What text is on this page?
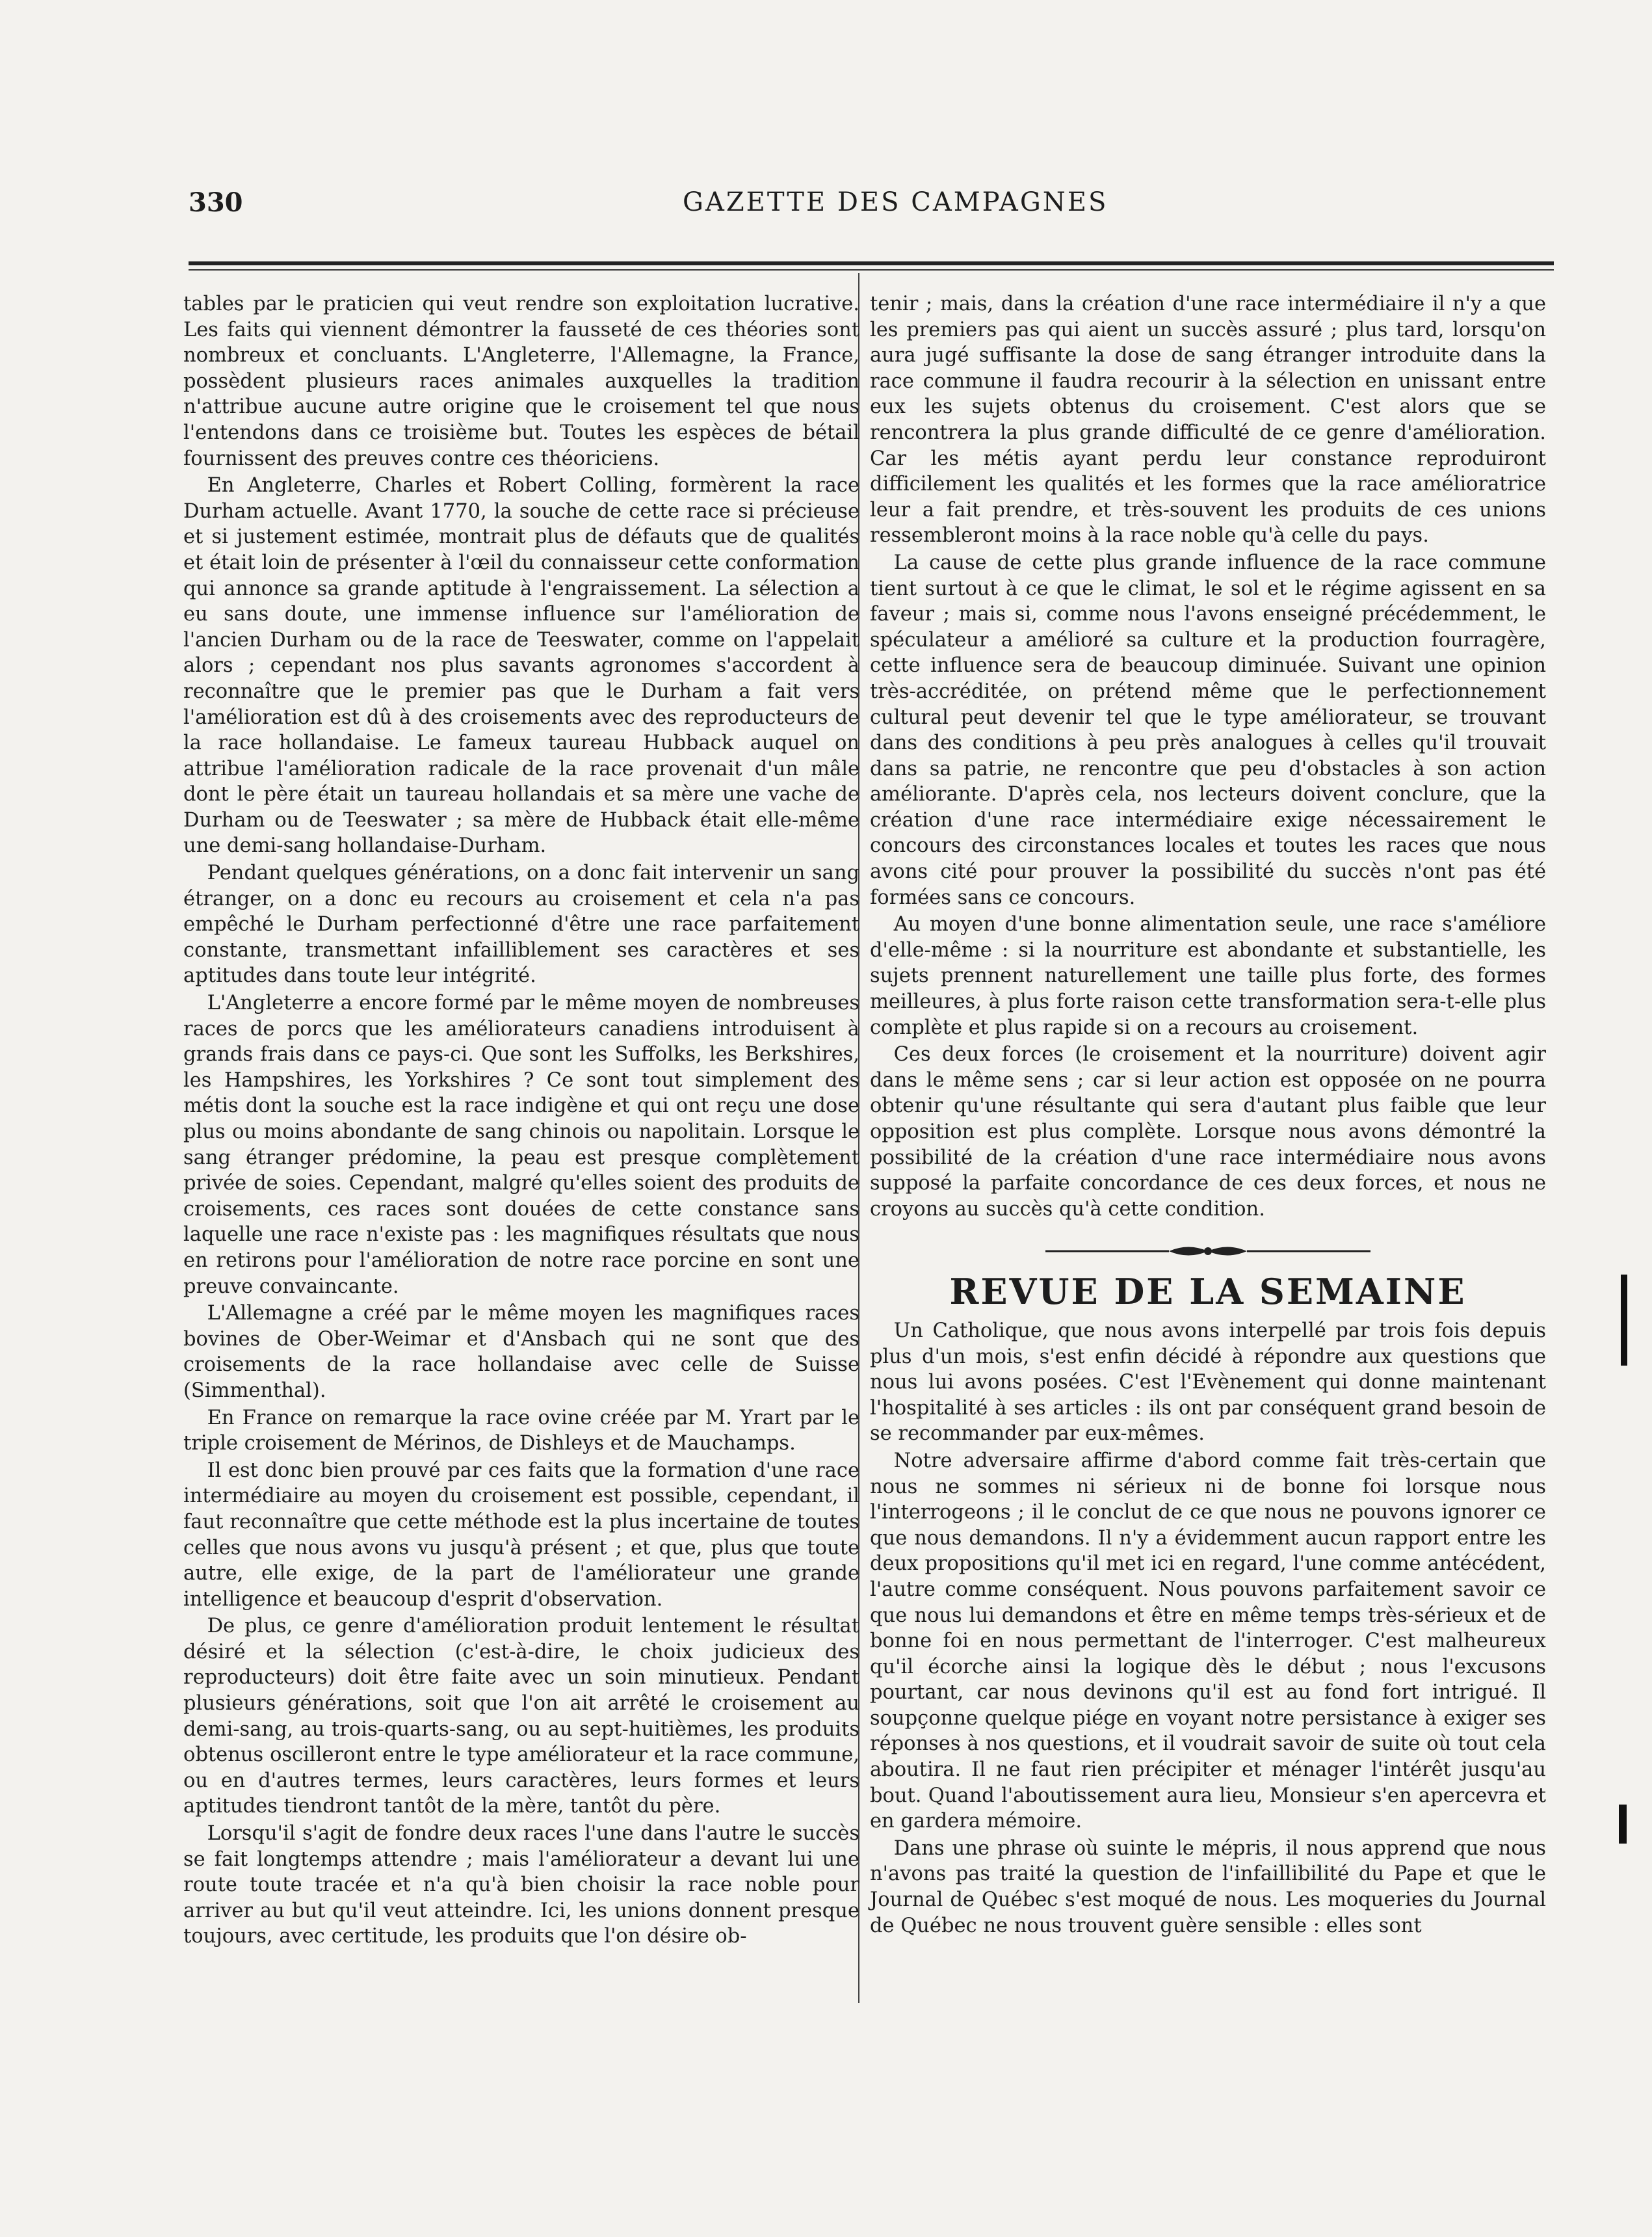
330	GAZETTE DES CAMPAGNES

tables par le praticien qui veut rendre son exploitation lucrative. Les faits qui viennent démontrer la fausseté de ces théories sont nombreux et concluants. L'Angleterre, l'Allemagne, la France, possèdent plusieurs races animales auxquelles la tradition n'attribue aucune autre origine que le croisement tel que nous l'entendons dans ce troisième but. Toutes les espèces de bétail fournissent des preuves contre ces théoriciens.

En Angleterre, Charles et Robert Colling, formèrent la race Durham actuelle. Avant 1770, la souche de cette race si précieuse et si justement estimée, montrait plus de défauts que de qualités et était loin de présenter à l'œil du connaisseur cette conformation qui annonce sa grande aptitude à l'engraissement. La sélection a eu sans doute, une immense influence sur l'amélioration de l'ancien Durham ou de la race de Teeswater, comme on l'appelait alors ; cependant nos plus savants agronomes s'accordent à reconnaître que le premier pas que le Durham a fait vers l'amélioration est dû à des croisements avec des reproducteurs de la race hollandaise. Le fameux taureau Hubback auquel on attribue l'amélioration radicale de la race provenait d'un mâle dont le père était un taureau hollandais et sa mère une vache de Durham ou de Teeswater ; sa mère de Hubback était elle-même une demi-sang hollandaise-Durham.

Pendant quelques générations, on a donc fait intervenir un sang étranger, on a donc eu recours au croisement et cela n'a pas empêché le Durham perfectionné d'être une race parfaitement constante, transmettant infailliblement ses caractères et ses aptitudes dans toute leur intégrité.

L'Angleterre a encore formé par le même moyen de nombreuses races de porcs que les améliorateurs canadiens introduisent à grands frais dans ce pays-ci. Que sont les Suffolks, les Berkshires, les Hampshires, les Yorkshires ? Ce sont tout simplement des métis dont la souche est la race indigène et qui ont reçu une dose plus ou moins abondante de sang chinois ou napolitain. Lorsque le sang étranger prédomine, la peau est presque complètement privée de soies. Cependant, malgré qu'elles soient des produits de croisements, ces races sont douées de cette constance sans laquelle une race n'existe pas : les magnifiques résultats que nous en retirons pour l'amélioration de notre race porcine en sont une preuve convaincante.

L'Allemagne a créé par le même moyen les magnifiques races bovines de Ober-Weimar et d'Ansbach qui ne sont que des croisements de la race hollandaise avec celle de Suisse (Simmenthal).

En France on remarque la race ovine créée par M. Yrart par le triple croisement de Mérinos, de Dishleys et de Mauchamps.

Il est donc bien prouvé par ces faits que la formation d'une race intermédiaire au moyen du croisement est possible, cependant, il faut reconnaître que cette méthode est la plus incertaine de toutes celles que nous avons vu jusqu'à présent ; et que, plus que toute autre, elle exige, de la part de l'améliorateur une grande intelligence et beaucoup d'esprit d'observation.

De plus, ce genre d'amélioration produit lentement le résultat désiré et la sélection (c'est-à-dire, le choix judicieux des reproducteurs) doit être faite avec un soin minutieux. Pendant plusieurs générations, soit que l'on ait arrêté le croisement au demi-sang, au trois-quarts-sang, ou au sept-huitièmes, les produits obtenus oscilleront entre le type améliorateur et la race commune, ou en d'autres termes, leurs caractères, leurs formes et leurs aptitudes tiendront tantôt de la mère, tantôt du père.

Lorsqu'il s'agit de fondre deux races l'une dans l'autre le succès se fait longtemps attendre ; mais l'améliorateur a devant lui une route toute tracée et n'a qu'à bien choisir la race noble pour arriver au but qu'il veut atteindre. Ici, les unions donnent presque toujours, avec certitude, les produits que l'on désire ob-

tenir ; mais, dans la création d'une race intermédiaire il n'y a que les premiers pas qui aient un succès assuré ; plus tard, lorsqu'on aura jugé suffisante la dose de sang étranger introduite dans la race commune il faudra recourir à la sélection en unissant entre eux les sujets obtenus du croisement. C'est alors que se rencontrera la plus grande difficulté de ce genre d'amélioration. Car les métis ayant perdu leur constance reproduiront difficilement les qualités et les formes que la race amélioratrice leur a fait prendre, et très-souvent les produits de ces unions ressembleront moins à la race noble qu'à celle du pays.

La cause de cette plus grande influence de la race commune tient surtout à ce que le climat, le sol et le régime agissent en sa faveur ; mais si, comme nous l'avons enseigné précédemment, le spéculateur a amélioré sa culture et la production fourragère, cette influence sera de beaucoup diminuée. Suivant une opinion très-accréditée, on prétend même que le perfectionnement cultural peut devenir tel que le type améliorateur, se trouvant dans des conditions à peu près analogues à celles qu'il trouvait dans sa patrie, ne rencontre que peu d'obstacles à son action améliorante. D'après cela, nos lecteurs doivent conclure, que la création d'une race intermédiaire exige nécessairement le concours des circonstances locales et toutes les races que nous avons cité pour prouver la possibilité du succès n'ont pas été formées sans ce concours.

Au moyen d'une bonne alimentation seule, une race s'améliore d'elle-même : si la nourriture est abondante et substantielle, les sujets prennent naturellement une taille plus forte, des formes meilleures, à plus forte raison cette transformation sera-t-elle plus complète et plus rapide si on a recours au croisement.

Ces deux forces (le croisement et la nourriture) doivent agir dans le même sens ; car si leur action est opposée on ne pourra obtenir qu'une résultante qui sera d'autant plus faible que leur opposition est plus complète. Lorsque nous avons démontré la possibilité de la création d'une race intermédiaire nous avons supposé la parfaite concordance de ces deux forces, et nous ne croyons au succès qu'à cette condition.

REVUE DE LA SEMAINE

Un Catholique, que nous avons interpellé par trois fois depuis plus d'un mois, s'est enfin décidé à répondre aux questions que nous lui avons posées. C'est l'Evènement qui donne maintenant l'hospitalité à ses articles : ils ont par conséquent grand besoin de se recommander par eux-mêmes.

Notre adversaire affirme d'abord comme fait très-certain que nous ne sommes ni sérieux ni de bonne foi lorsque nous l'interrogeons ; il le conclut de ce que nous ne pouvons ignorer ce que nous demandons. Il n'y a évidemment aucun rapport entre les deux propositions qu'il met ici en regard, l'une comme antécédent, l'autre comme conséquent. Nous pouvons parfaitement savoir ce que nous lui demandons et être en même temps très-sérieux et de bonne foi en nous permettant de l'interroger. C'est malheureux qu'il écorche ainsi la logique dès le début ; nous l'excusons pourtant, car nous devinons qu'il est au fond fort intrigué. Il soupçonne quelque piége en voyant notre persistance à exiger ses réponses à nos questions, et il voudrait savoir de suite où tout cela aboutira. Il ne faut rien précipiter et ménager l'intérêt jusqu'au bout. Quand l'aboutissement aura lieu, Monsieur s'en apercevra et en gardera mémoire.

Dans une phrase où suinte le mépris, il nous apprend que nous n'avons pas traité la question de l'infaillibilité du Pape et que le Journal de Québec s'est moqué de nous. Les moqueries du Journal de Québec ne nous trouvent guère sensible : elles sont
